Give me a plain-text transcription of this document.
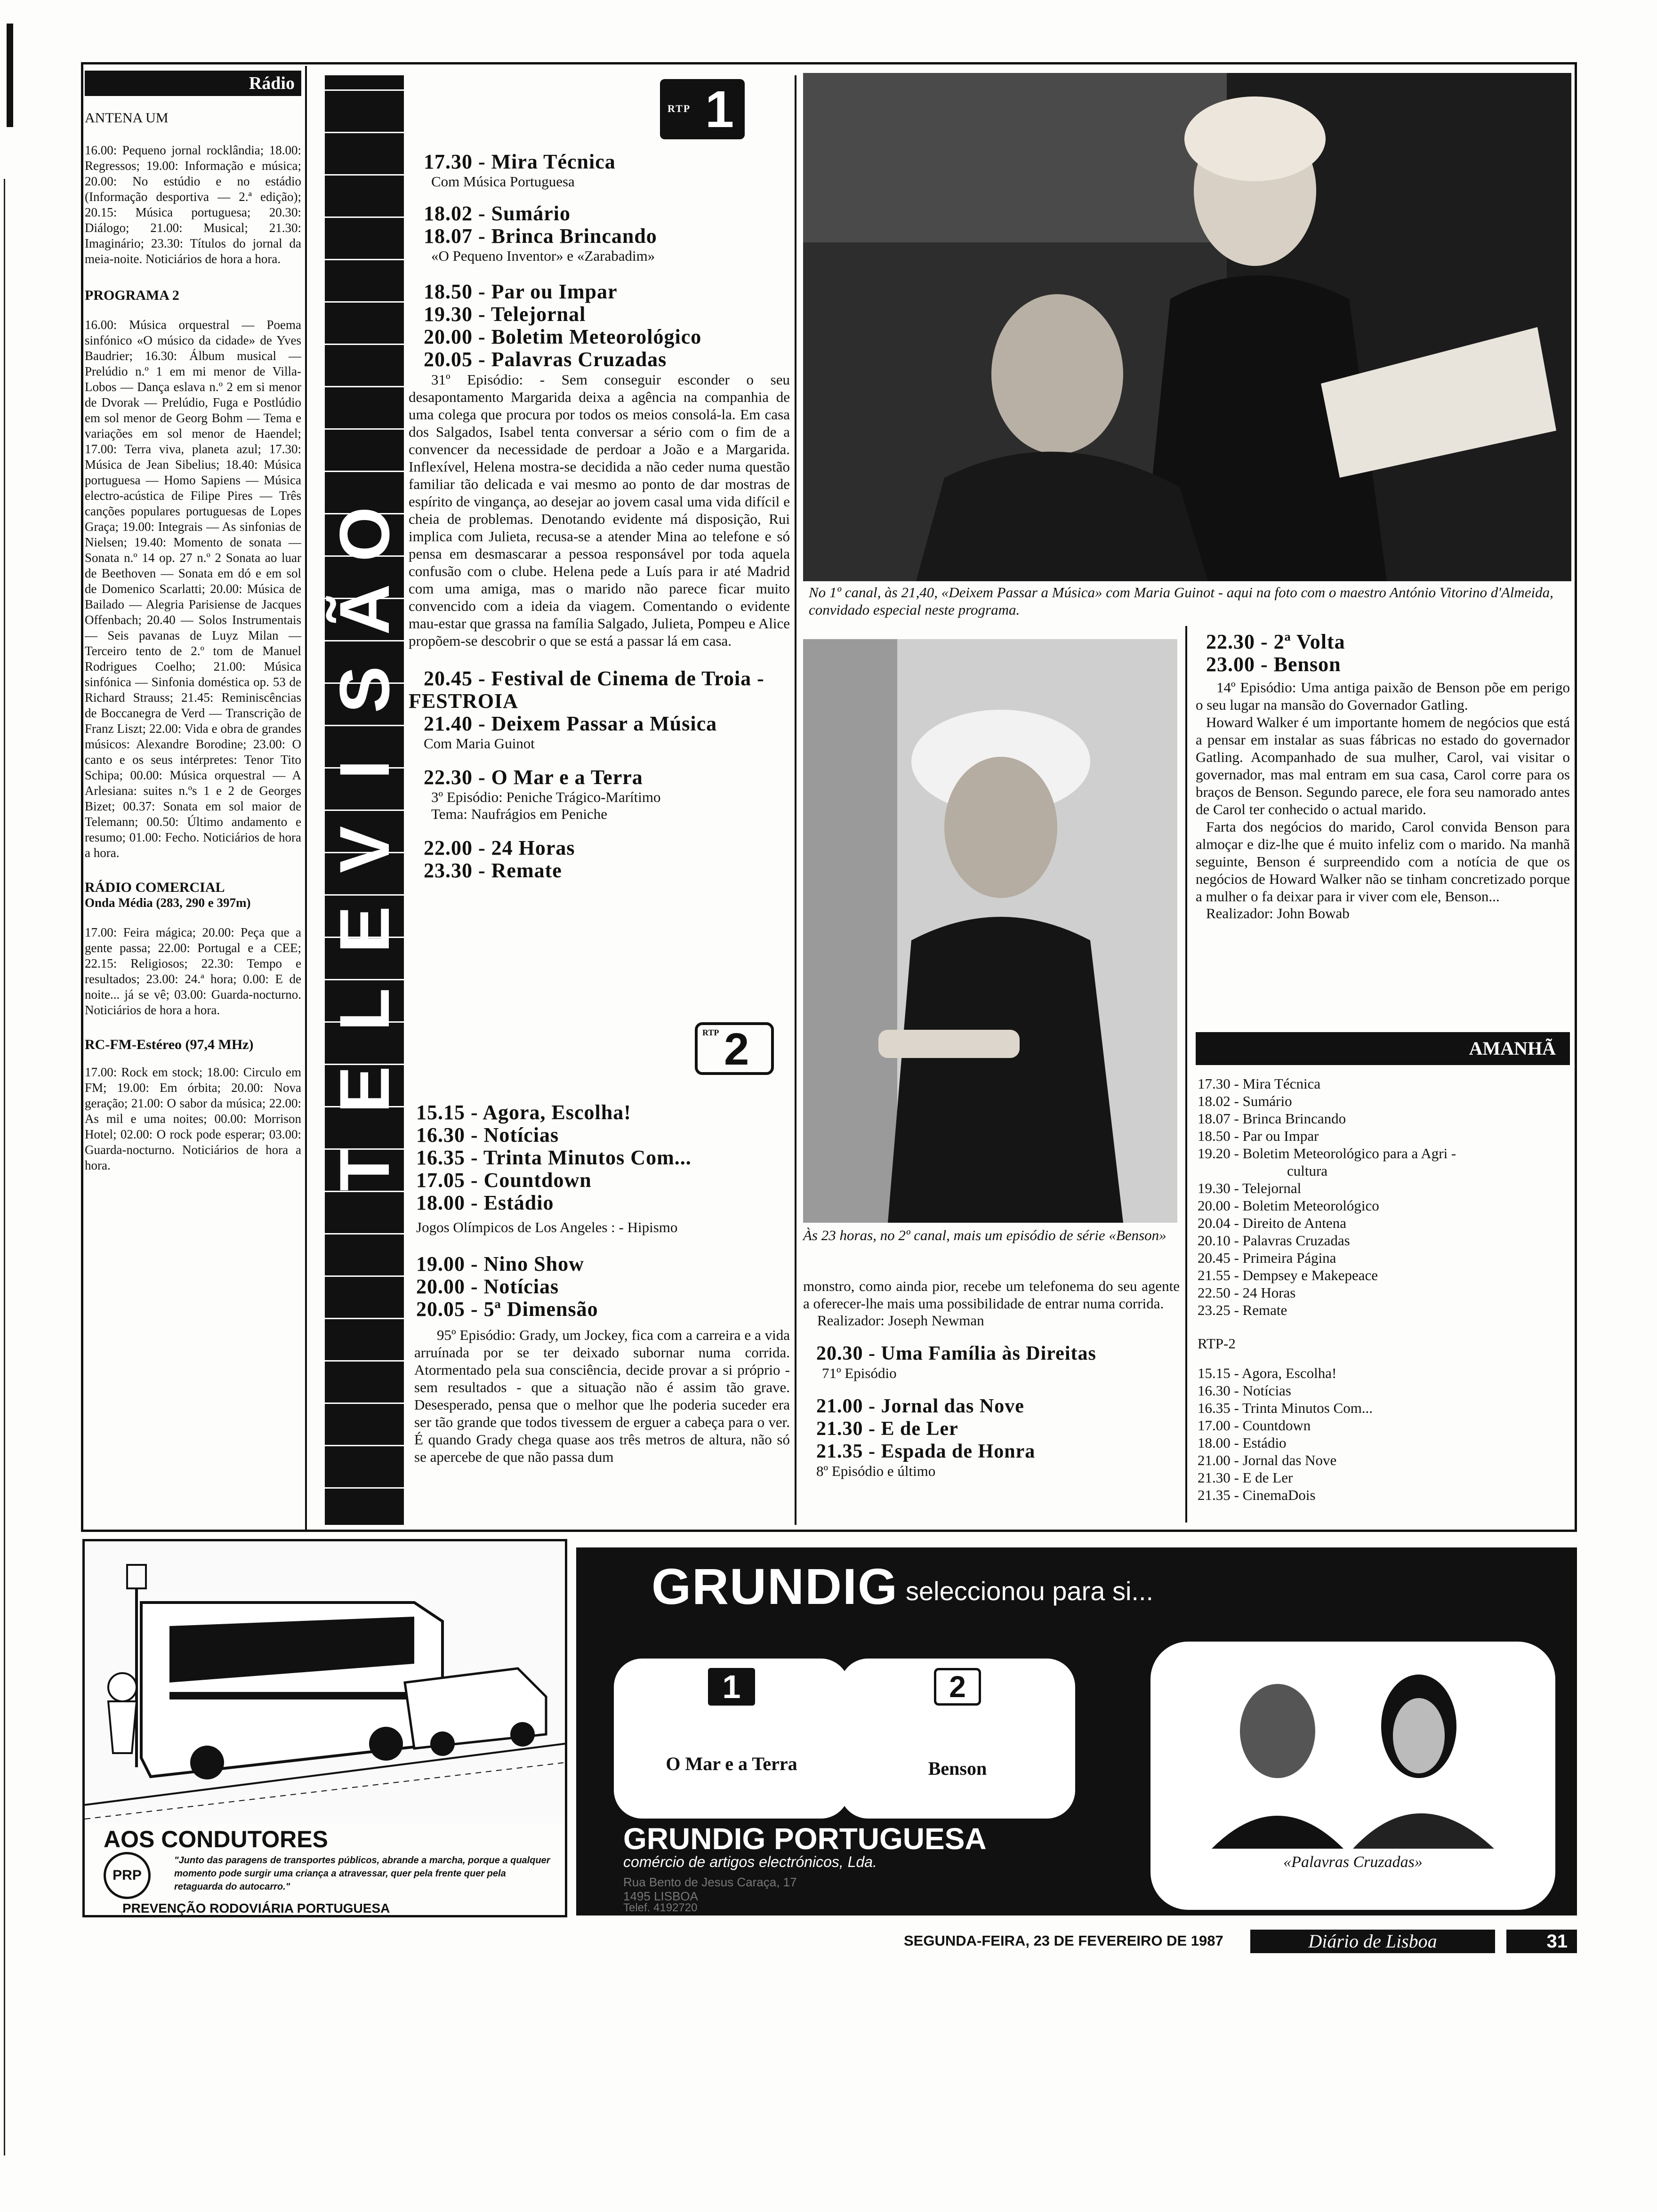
Rádio
ANTENA UM

16.00: Pequeno jornal rocklândia; 18.00: Regressos; 19.00: Informação e música; 20.00: No estúdio e no estádio (Informação desportiva — 2.ª edição); 20.15: Música portuguesa; 20.30: Diálogo; 21.00: Musical; 21.30: Imaginário; 23.30: Títulos do jornal da meia-noite. Noticiários de hora a hora.

PROGRAMA 2

16.00: Música orquestral — Poema sinfónico «O músico da cidade» de Yves Baudrier; 16.30: Álbum musical — Prelúdio n.º 1 em mi menor de Villa-Lobos — Dança eslava n.º 2 em si menor de Dvorak — Prelúdio, Fuga e Postlúdio em sol menor de Georg Bohm — Tema e variações em sol menor de Haendel; 17.00: Terra viva, planeta azul; 17.30: Música de Jean Sibelius; 18.40: Música portuguesa — Homo Sapiens — Música electro-acústica de Filipe Pires — Três canções populares portuguesas de Lopes Graça; 19.00: Integrais — As sinfonias de Nielsen; 19.40: Momento de sonata — Sonata n.º 14 op. 27 n.º 2 Sonata ao luar de Beethoven — Sonata em dó e em sol de Domenico Scarlatti; 20.00: Música de Bailado — Alegria Parisiense de Jacques Offenbach; 20.40 — Solos Instrumentais — Seis pavanas de Luyz Milan — Terceiro tento de 2.º tom de Manuel Rodrigues Coelho; 21.00: Música sinfónica — Sinfonia doméstica op. 53 de Richard Strauss; 21.45: Reminiscências de Boccanegra de Verd — Transcrição de Franz Liszt; 22.00: Vida e obra de grandes músicos: Alexandre Borodine; 23.00: O canto e os seus intérpretes: Tenor Tito Schipa; 00.00: Música orquestral — A Arlesiana: suites n.ºs 1 e 2 de Georges Bizet; 00.37: Sonata em sol maior de Telemann; 00.50: Último andamento e resumo; 01.00: Fecho. Noticiários de hora a hora.

RÁDIO COMERCIAL
Onda Média (283, 290 e 397m)

17.00: Feira mágica; 20.00: Peça que a gente passa; 22.00: Portugal e a CEE; 22.15: Religiosos; 22.30: Tempo e resultados; 23.00: 24.ª hora; 0.00: E de noite... já se vê; 03.00: Guarda-nocturno. Noticiários de hora a hora.

RC-FM-Estéreo (97,4 MHz)

17.00: Rock em stock; 18.00: Circulo em FM; 19.00: Em órbita; 20.00: Nova geração; 21.00: O sabor da música; 22.00: As mil e uma noites; 00.00: Morrison Hotel; 02.00: O rock pode esperar; 03.00: Guarda-nocturno. Noticiários de hora a hora.

O
Ã
S
I
V
E
L
E
T
RTP 1
17.30 - Mira Técnica
Com Música Portuguesa
18.02 - Sumário
18.07 - Brinca Brincando
«O Pequeno Inventor» e «Zarabadim»
18.50 - Par ou Impar
19.30 - Telejornal
20.00 - Boletim Meteorológico
20.05 - Palavras Cruzadas
31º Episódio: - Sem conseguir esconder o seu desapontamento Margarida deixa a agência na companhia de uma colega que procura por todos os meios consolá-la. Em casa dos Salgados, Isabel tenta conversar a sério com o fim de a convencer da necessidade de perdoar a João e a Margarida. Inflexível, Helena mostra-se decidida a não ceder numa questão familiar tão delicada e vai mesmo ao ponto de dar mostras de espírito de vingança, ao desejar ao jovem casal uma vida difícil e cheia de problemas. Denotando evidente má disposição, Rui implica com Julieta, recusa-se a atender Mina ao telefone e só pensa em desmascarar a pessoa responsável por toda aquela confusão com o clube. Helena pede a Luís para ir até Madrid com uma amiga, mas o marido não parece ficar muito convencido com a ideia da viagem. Comentando o evidente mau-estar que grassa na família Salgado, Julieta, Pompeu e Alice propõem-se descobrir o que se está a passar lá em casa.
20.45 - Festival de Cinema de Troia - FESTROIA
21.40 - Deixem Passar a Música
Com Maria Guinot
22.30 - O Mar e a Terra
3º Episódio: Peniche Trágico-Marítimo
Tema: Naufrágios em Peniche
22.00 - 24 Horas
23.30 - Remate
RTP 2
15.15 - Agora, Escolha!
16.30 - Notícias
16.35 - Trinta Minutos Com...
17.05 - Countdown
18.00 - Estádio
Jogos Olímpicos de Los Angeles : - Hipismo
19.00 - Nino Show
20.00 - Notícias
20.05 - 5ª Dimensão
95º Episódio: Grady, um Jockey, fica com a carreira e a vida arruínada por se ter deixado subornar numa corrida. Atormentado pela sua consciência, decide provar a si próprio - sem resultados - que a situação não é assim tão grave. Desesperado, pensa que o melhor que lhe poderia suceder era ser tão grande que todos tivessem de erguer a cabeça para o ver. É quando Grady chega quase aos três metros de altura, não só se apercebe de que não passa dum
No 1º canal, às 21,40, «Deixem Passar a Música» com Maria Guinot - aqui na foto com o maestro António Vitorino d'Almeida, convidado especial neste programa.
Às 23 horas, no 2º canal, mais um episódio de série «Benson»
monstro, como ainda pior, recebe um telefonema do seu agente a oferecer-lhe mais uma possibilidade de entrar numa corrida.
Realizador: Joseph Newman
20.30 - Uma Família às Direitas
71º Episódio
21.00 - Jornal das Nove
21.30 - E de Ler
21.35 - Espada de Honra
8º Episódio e último
22.30 - 2ª Volta
23.00 - Benson
14º Episódio: Uma antiga paixão de Benson põe em perigo o seu lugar na mansão do Governador Gatling.
Howard Walker é um importante homem de negócios que está a pensar em instalar as suas fábricas no estado do governador Gatling. Acompanhado de sua mulher, Carol, vai visitar o governador, mas mal entram em sua casa, Carol corre para os braços de Benson. Segundo parece, ele fora seu namorado antes de Carol ter conhecido o actual marido.
Farta dos negócios do marido, Carol convida Benson para almoçar e diz-lhe que é muito infeliz com o marido. Na manhã seguinte, Benson é surpreendido com a notícia de que os negócios de Howard Walker não se tinham concretizado porque a mulher o fa deixar para ir viver com ele, Benson...
Realizador: John Bowab
AMANHÃ
17.30 - Mira Técnica
18.02 - Sumário
18.07 - Brinca Brincando
18.50 - Par ou Impar
19.20 - Boletim Meteorológico para a Agri -
cultura
19.30 - Telejornal
20.00 - Boletim Meteorológico
20.04 - Direito de Antena
20.10 - Palavras Cruzadas
20.45 - Primeira Página
21.55 - Dempsey e Makepeace
22.50 - 24 Horas
23.25 - Remate
RTP-2
15.15 - Agora, Escolha!
16.30 - Notícias
16.35 - Trinta Minutos Com...
17.00 - Countdown
18.00 - Estádio
21.00 - Jornal das Nove
21.30 - E de Ler
21.35 - CinemaDois
AOS CONDUTORES
PRP
"Junto das paragens de transportes públicos, abrande a marcha, porque a qualquer momento pode surgir uma criança a atravessar, quer pela frente quer pela retaguarda do autocarro."
PREVENÇÃO RODOVIÁRIA PORTUGUESA
GRUNDIG seleccionou para si...
1
O Mar e a Terra
2
Benson
GRUNDIG PORTUGUESA
comércio de artigos electrónicos, Lda.
Rua Bento de Jesus Caraça, 17
1495 LISBOA
Telef. 4192720
«Palavras Cruzadas»
SEGUNDA-FEIRA, 23 DE FEVEREIRO DE 1987	Diário de Lisboa	31
